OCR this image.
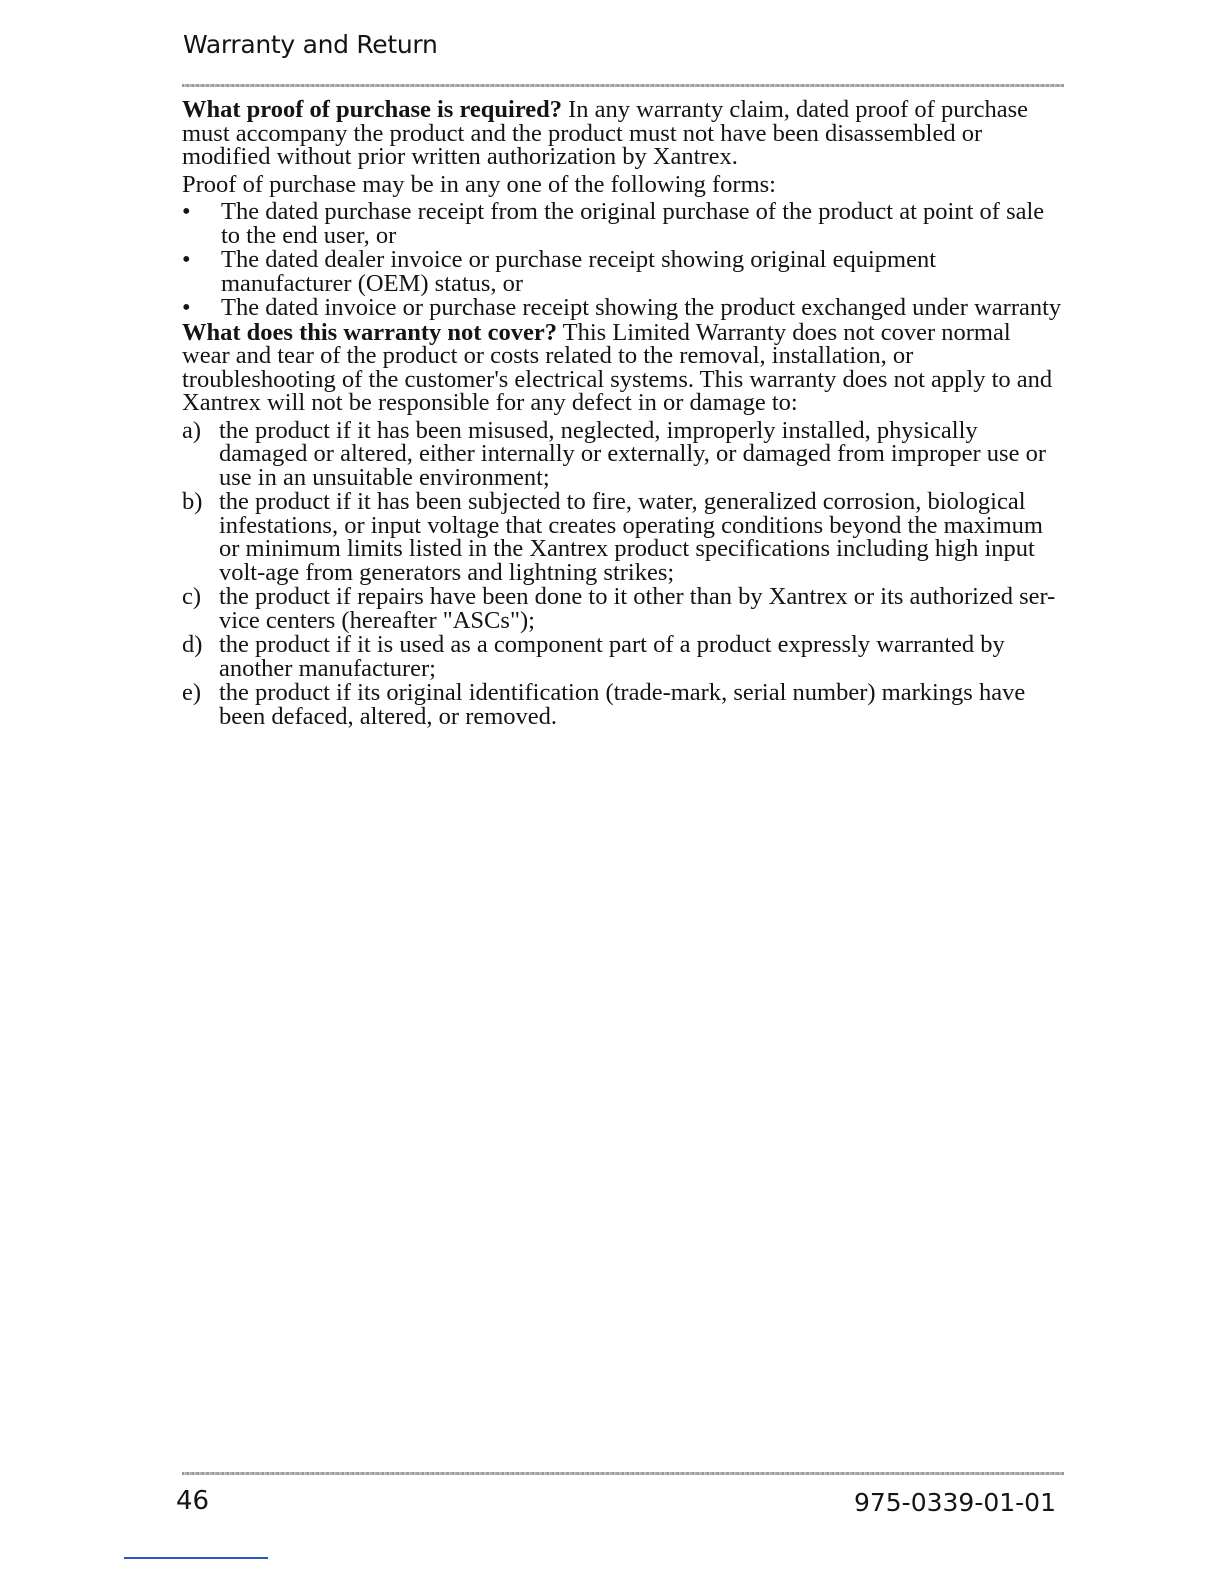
Warranty and Return

What proof of purchase is required? In any warranty claim, dated proof of purchase must accompany the product and the product must not have been disassembled or modified without prior written authorization by Xantrex.

Proof of purchase may be in any one of the following forms:

• The dated purchase receipt from the original purchase of the product at point of sale to the end user, or
• The dated dealer invoice or purchase receipt showing original equipment manufacturer (OEM) status, or
• The dated invoice or purchase receipt showing the product exchanged under warranty

What does this warranty not cover? This Limited Warranty does not cover normal wear and tear of the product or costs related to the removal, installation, or troubleshooting of the customer's electrical systems. This warranty does not apply to and Xantrex will not be responsible for any defect in or damage to:

a) the product if it has been misused, neglected, improperly installed, physically damaged or altered, either internally or externally, or damaged from improper use or use in an unsuitable environment;
b) the product if it has been subjected to fire, water, generalized corrosion, biological infestations, or input voltage that creates operating conditions beyond the maximum or minimum limits listed in the Xantrex product specifications including high input volt-age from generators and lightning strikes;
c) the product if repairs have been done to it other than by Xantrex or its authorized ser-vice centers (hereafter "ASCs");
d) the product if it is used as a component part of a product expressly warranted by another manufacturer;
e) the product if its original identification (trade-mark, serial number) markings have been defaced, altered, or removed.
46	975-0339-01-01
